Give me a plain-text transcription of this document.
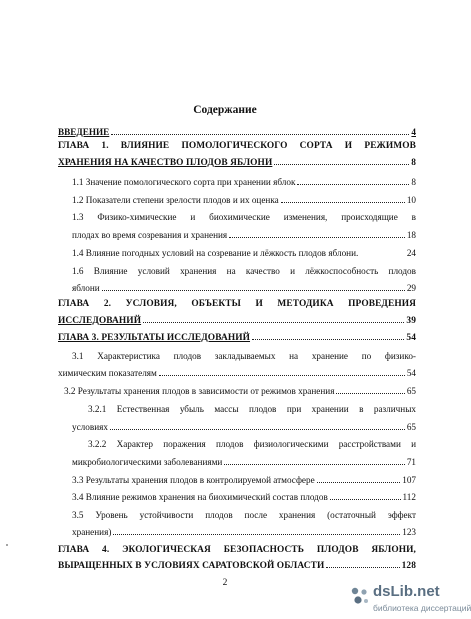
Содержание
ВВЕДЕНИЕ	4
ГЛАВА 1. ВЛИЯНИЕ ПОМОЛОГИЧЕСКОГО СОРТА И РЕЖИМОВ
ХРАНЕНИЯ НА КАЧЕСТВО ПЛОДОВ ЯБЛОНИ	8
1.1 Значение помологического сорта при хранении яблок	8
1.2 Показатели степени зрелости плодов и их оценка	10
1.3 Физико-химические и биохимические изменения, происходящие в
плодах во время созревания и хранения	18
1.4 Влияние погодных условий на созревание и лёжкость плодов яблони.	24
1.6 Влияние условий хранения на качество и лёжкоспособность плодов
яблони	29
ГЛАВА 2. УСЛОВИЯ, ОБЪЕКТЫ И МЕТОДИКА ПРОВЕДЕНИЯ
ИССЛЕДОВАНИЙ	39
ГЛАВА 3. РЕЗУЛЬТАТЫ ИССЛЕДОВАНИЙ	54
3.1 Характеристика плодов закладываемых на хранение по физико-
химическим показателям	54
3.2 Результаты хранения плодов в зависимости от режимов хранения	65
3.2.1 Естественная убыль массы плодов при хранении в различных
условиях	65
3.2.2 Характер поражения плодов физиологическими расстройствами и
микробиологическими заболеваниями	71
3.3 Результаты хранения плодов в контролируемой атмосфере	107
3.4 Влияние режимов хранения на биохимический состав плодов	112
3.5 Уровень устойчивости плодов после хранения (остаточный эффект
хранения)	123
ГЛАВА 4. ЭКОЛОГИЧЕСКАЯ БЕЗОПАСНОСТЬ ПЛОДОВ ЯБЛОНИ,
ВЫРАЩЕННЫХ В УСЛОВИЯХ САРАТОВСКОЙ ОБЛАСТИ	128
2	dsLib.net
библиотека диссертаций
